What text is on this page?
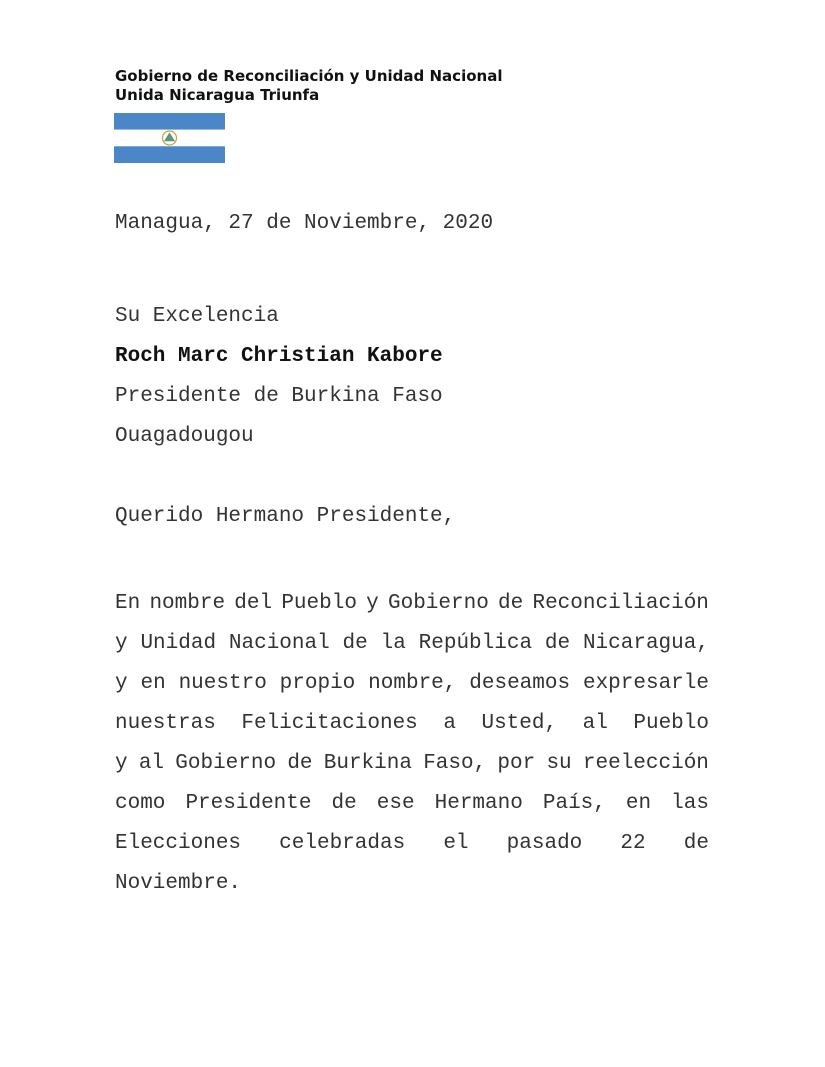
Gobierno de Reconciliación y Unidad Nacional
Unida Nicaragua Triunfa
Managua, 27 de Noviembre, 2020
Su Excelencia
Roch Marc Christian Kabore
Presidente de Burkina Faso
Ouagadougou
Querido Hermano Presidente,
En nombre del Pueblo y Gobierno de Reconciliación
y Unidad Nacional de la República de Nicaragua,
y en nuestro propio nombre, deseamos expresarle
nuestras Felicitaciones a Usted, al Pueblo
y al Gobierno de Burkina Faso, por su reelección
como Presidente de ese Hermano País, en las
Elecciones celebradas el pasado 22 de
Noviembre.
